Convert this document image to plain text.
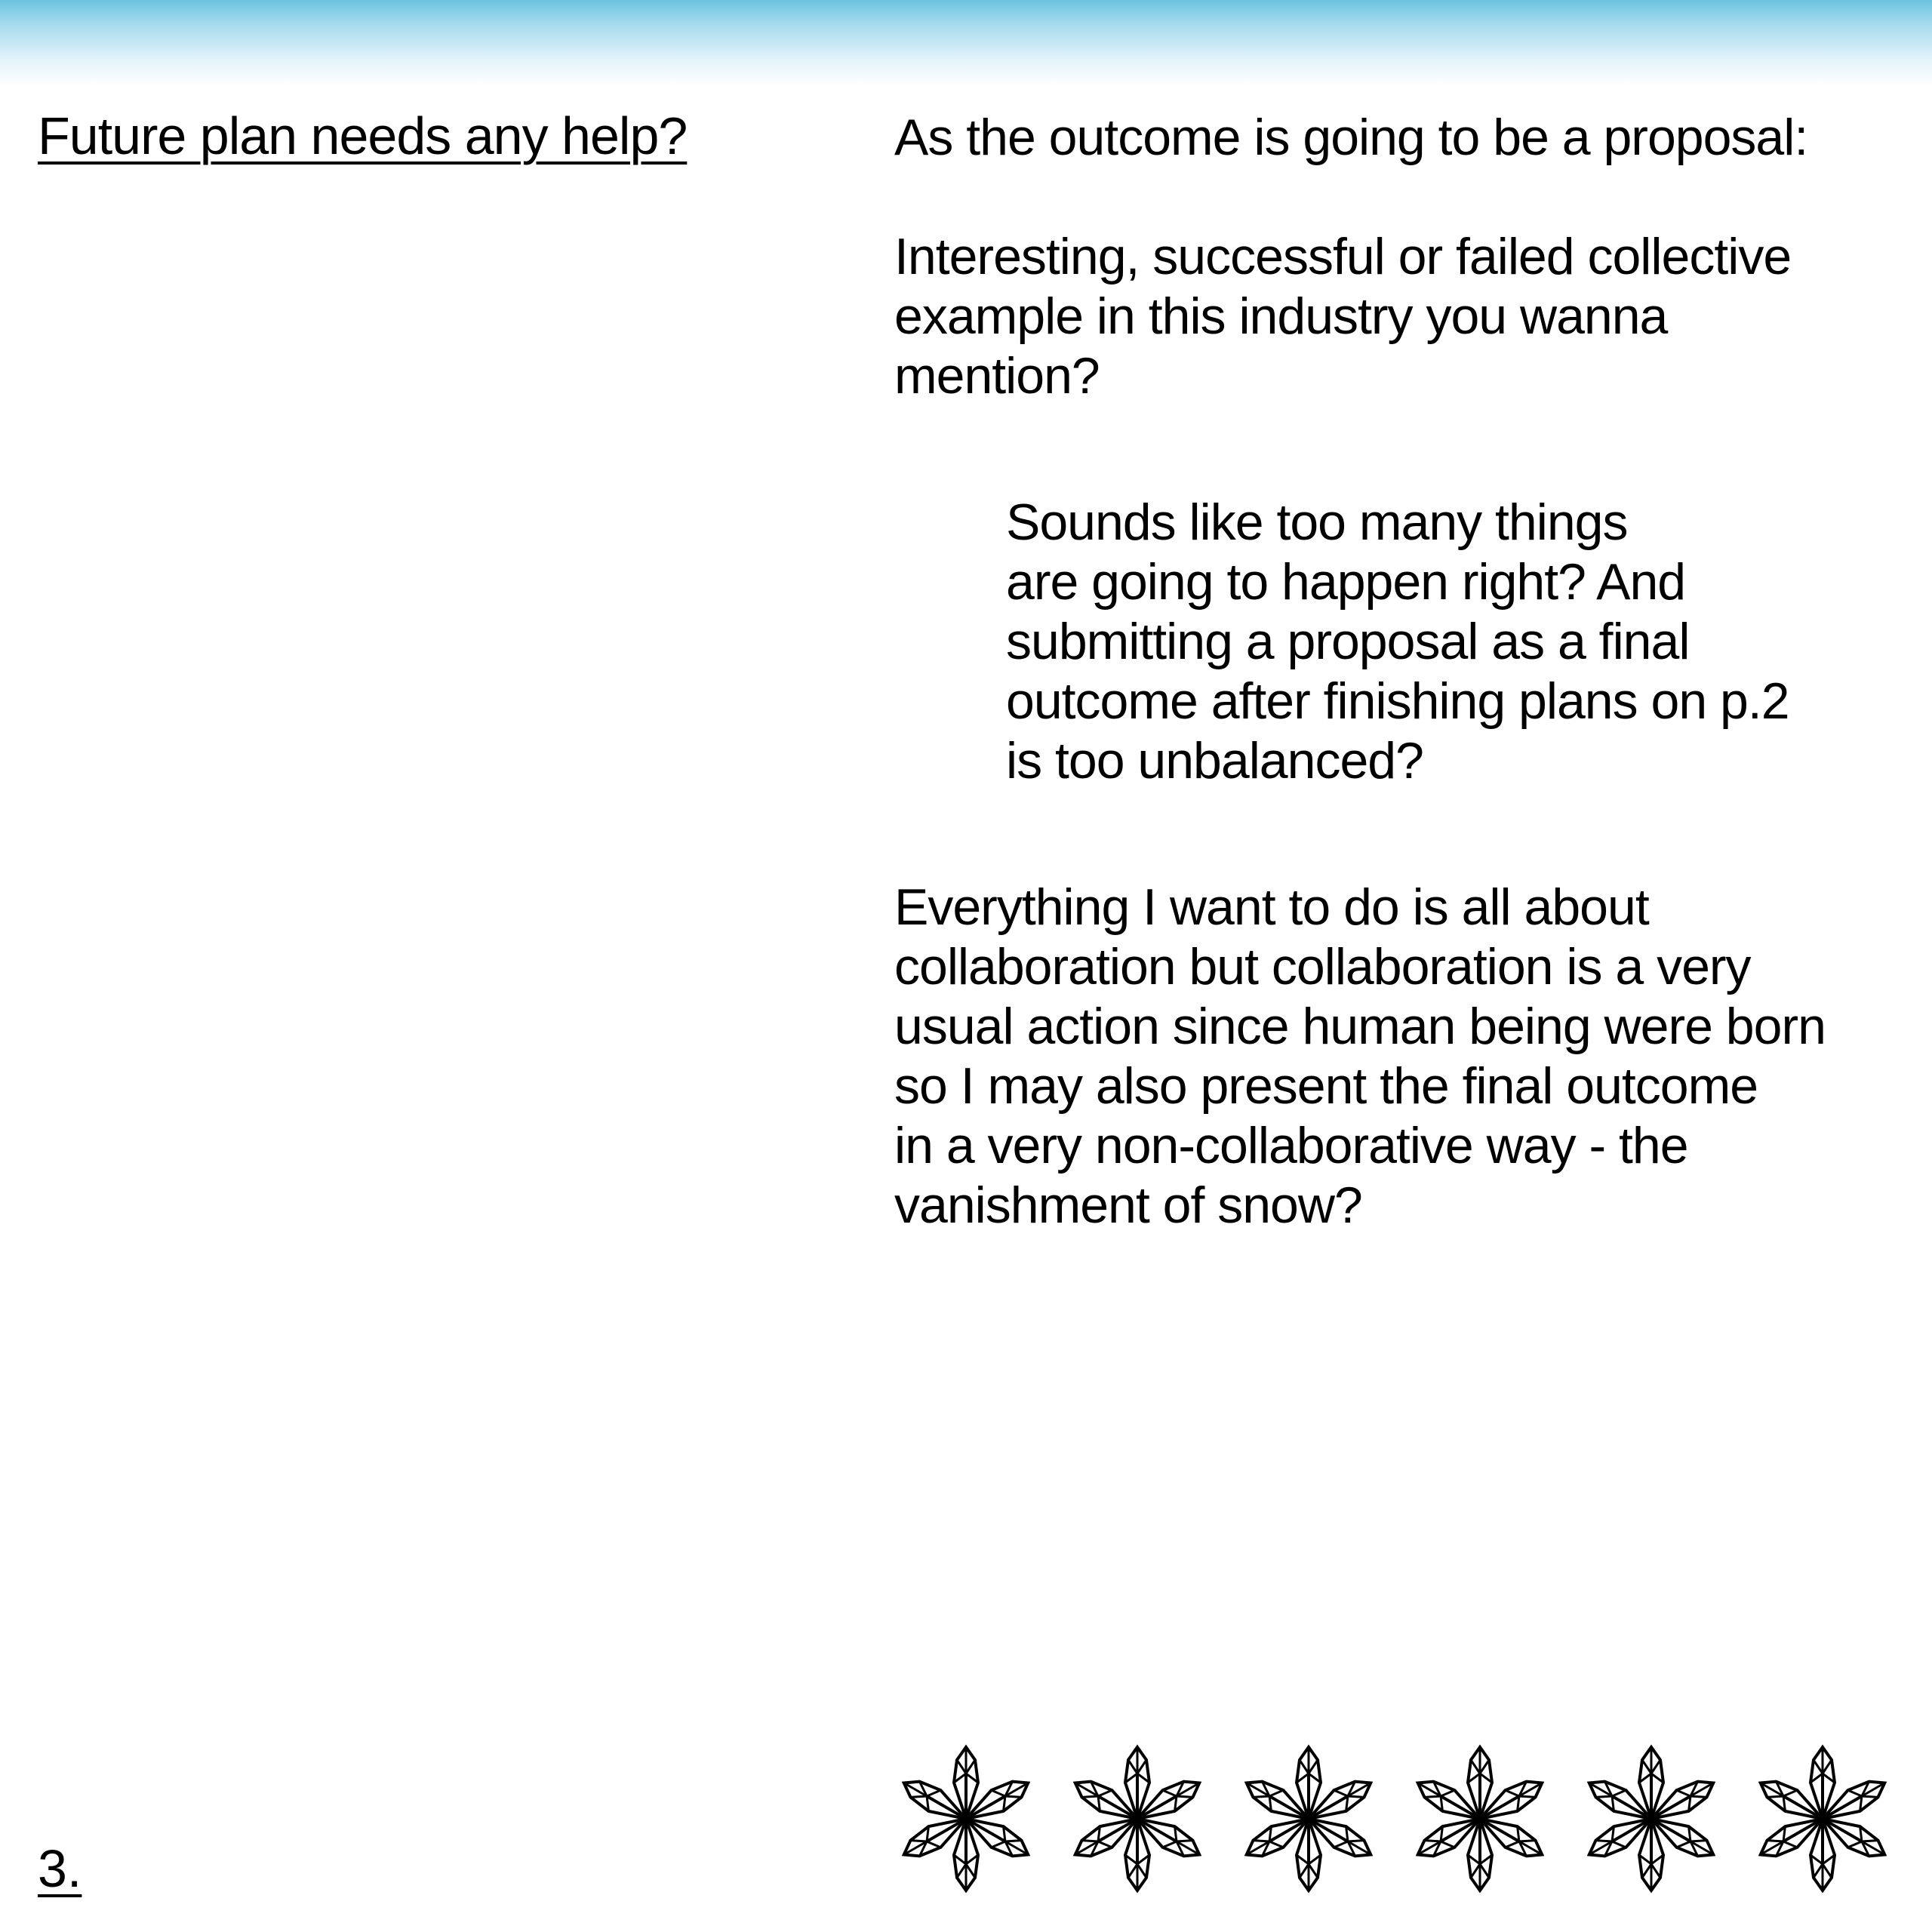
Future plan needs any help?	As the outcome is going to be a proposal:

Interesting, successful or failed collective
example in this industry you wanna
mention?

Sounds like too many things
are going to happen right? And
submitting a proposal as a final
outcome after finishing plans on p.2
is too unbalanced?

Everything I want to do is all about
collaboration but collaboration is a very
usual action since human being were born
so I may also present the final outcome
in a very non-collaborative way - the
vanishment of snow?

3.
